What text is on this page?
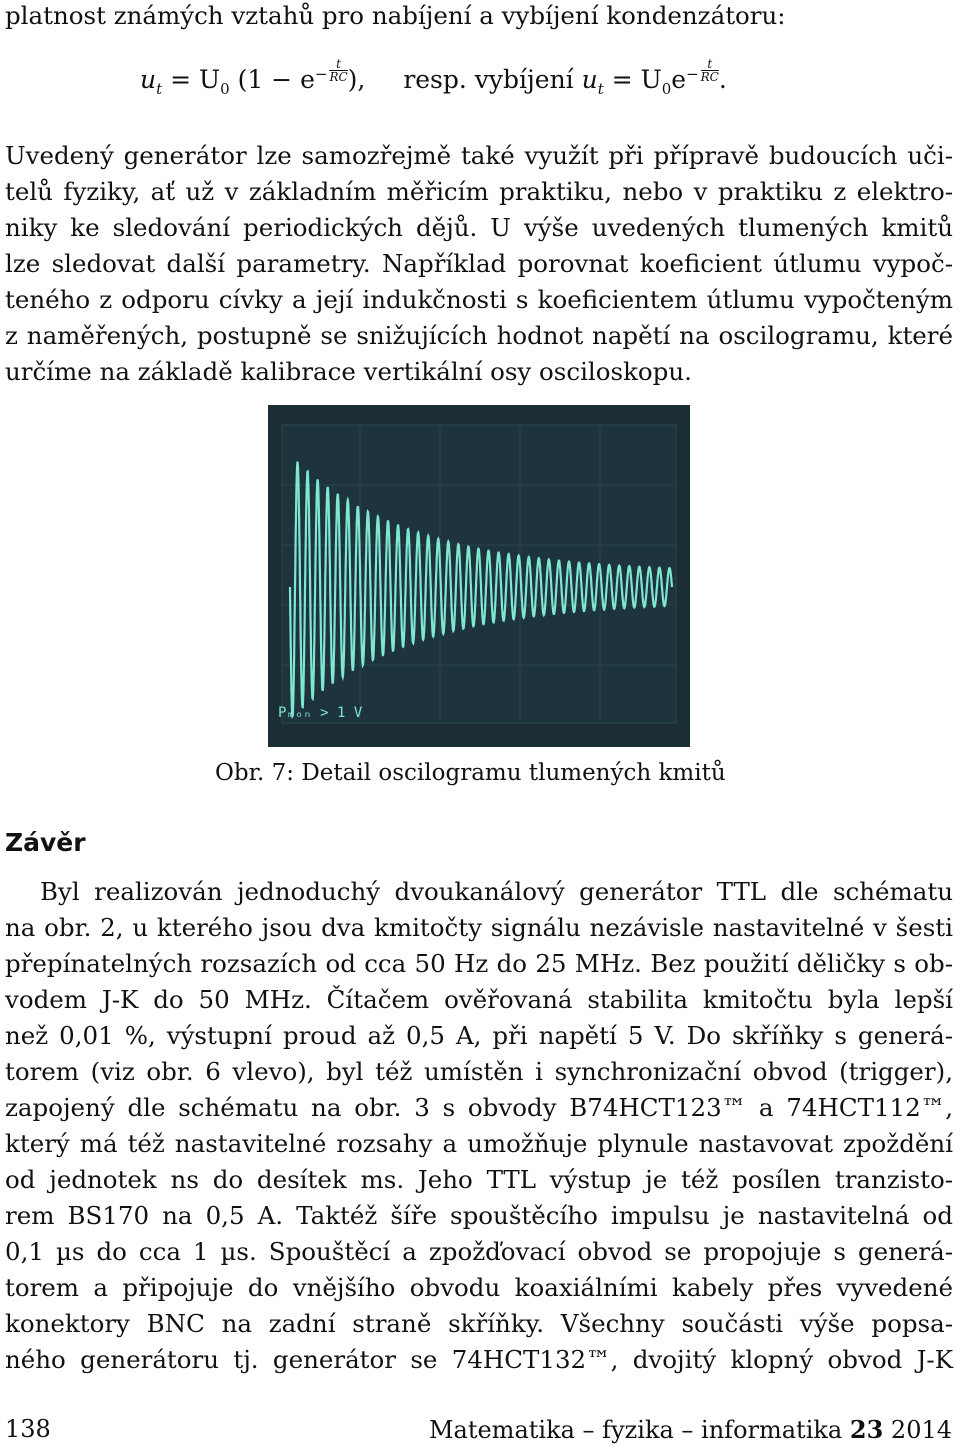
platnost známých vztahů pro nabíjení a vybíjení kondenzátoru:
$u_t = U_0$ ($1 - e^- \frac{t}{RC}$ ), resp. vybíjení $u_t = U_0e^- \frac{t}{RC}$ .
Uvedený generátor lze samozřejmě také využít při přípravě budoucích uči-
telů fyziky, ať už v základním měřicím praktiku, nebo v praktiku z elektro-
niky ke sledování periodických dějů. U výše uvedených tlumených kmitů
lze sledovat další parametry. Například porovnat koeficient útlumu vypoč-
teného z odporu cívky a její indukčnosti s koeficientem útlumu vypočteným
z naměřených, postupně se snižujících hodnot napětí na oscilogramu, které
určíme na základě kalibrace vertikální osy osciloskopu.
Pₘₒₙ > 1 V
Obr. 7: Detail oscilogramu tlumených kmitů
Závěr
Byl realizován jednoduchý dvoukanálový generátor TTL dle schématu
na obr. 2, u kterého jsou dva kmitočty signálu nezávisle nastavitelné v šesti
přepínatelných rozsazích od cca 50 Hz do 25 MHz. Bez použití děličky s ob-
vodem J-K do 50 MHz. Čítačem ověřovaná stabilita kmitočtu byla lepší
než 0,01 %, výstupní proud až 0,5 A, při napětí 5 V. Do skříňky s generá-
torem (viz obr. 6 vlevo), byl též umístěn i synchronizační obvod (trigger),
zapojený dle schématu na obr. 3 s obvody B74HCT123™ a 74HCT112™,
který má též nastavitelné rozsahy a umožňuje plynule nastavovat zpoždění
od jednotek ns do desítek ms. Jeho TTL výstup je též posílen tranzisto-
rem BS170 na 0,5 A. Taktéž šíře spouštěcího impulsu je nastavitelná od
0,1 µs do cca 1 µs. Spouštěcí a zpožďovací obvod se propojuje s generá-
torem a připojuje do vnějšího obvodu koaxiálními kabely přes vyvedené
konektory BNC na zadní straně skříňky. Všechny součásti výše popsa-
ného generátoru tj. generátor se 74HCT132™, dvojitý klopný obvod J-K
138	Matematika – fyzika – informatika 23 2014
